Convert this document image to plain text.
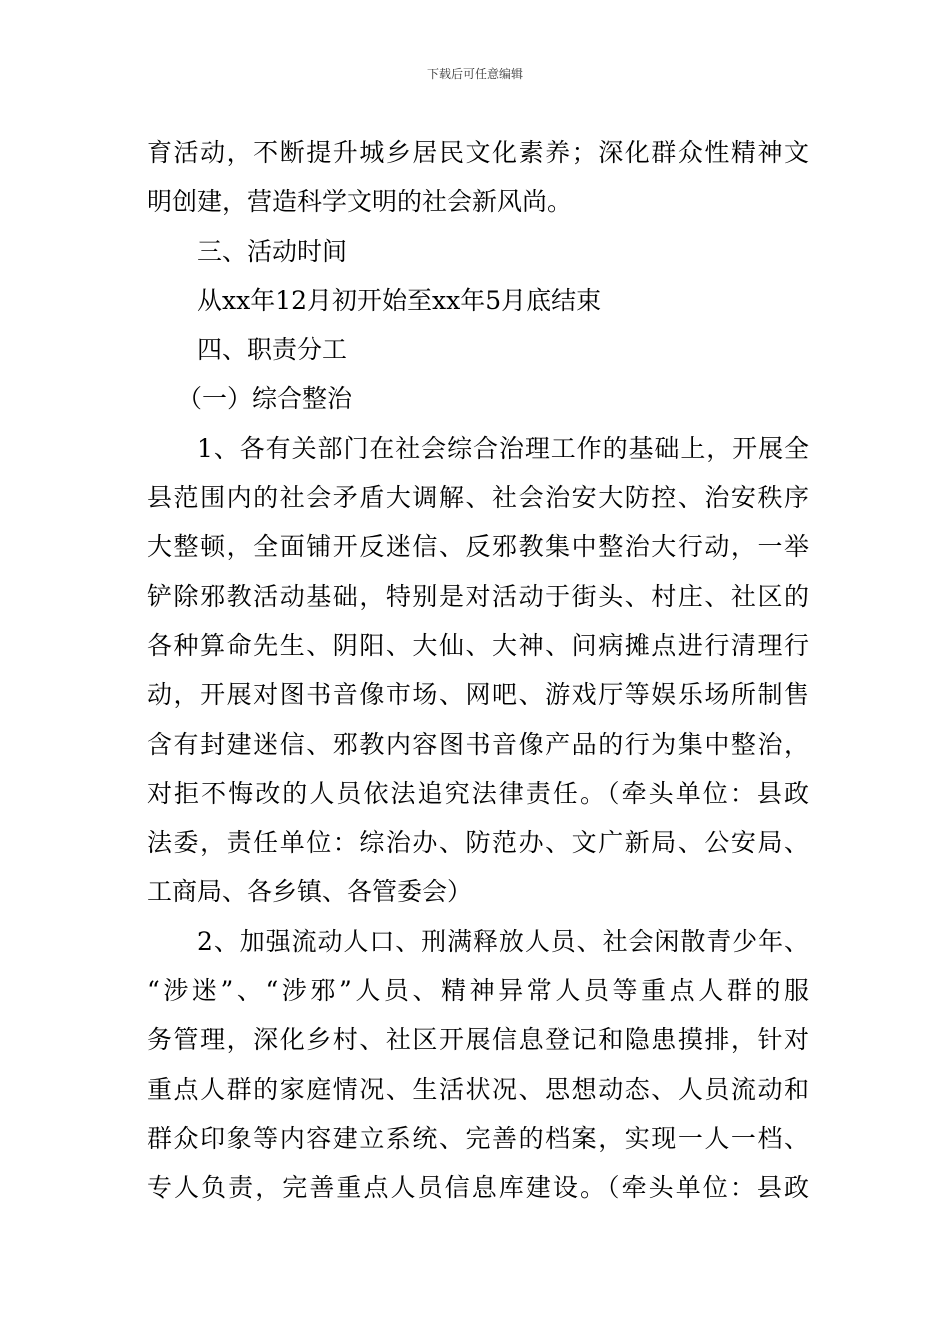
下载后可任意编辑
育活动，不断提升城乡居民文化素养；深化群众性精神文
明创建，营造科学文明的社会新风尚。
三、活动时间
从xx年12月初开始至xx年5月底结束
四、职责分工
（一）综合整治
1、各有关部门在社会综合治理工作的基础上，开展全
县范围内的社会矛盾大调解、社会治安大防控、治安秩序
大整顿，全面铺开反迷信、反邪教集中整治大行动，一举
铲除邪教活动基础，特别是对活动于街头、村庄、社区的
各种算命先生、阴阳、大仙、大神、问病摊点进行清理行
动，开展对图书音像市场、网吧、游戏厅等娱乐场所制售
含有封建迷信、邪教内容图书音像产品的行为集中整治，
对拒不悔改的人员依法追究法律责任。（牵头单位：县政
法委，责任单位：综治办、防范办、文广新局、公安局、
工商局、各乡镇、各管委会）
2、加强流动人口、刑满释放人员、社会闲散青少年、
“涉迷”、“涉邪”人员、精神异常人员等重点人群的服
务管理，深化乡村、社区开展信息登记和隐患摸排，针对
重点人群的家庭情况、生活状况、思想动态、人员流动和
群众印象等内容建立系统、完善的档案，实现一人一档、
专人负责，完善重点人员信息库建设。（牵头单位：县政
